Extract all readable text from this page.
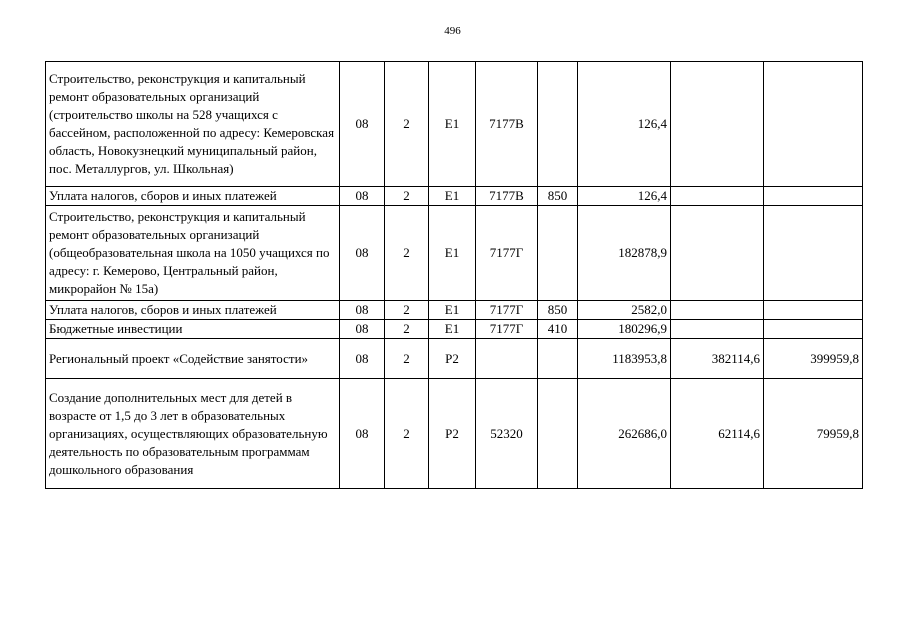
496
Строительство, реконструкция и капитальный ремонт образовательных организаций (строительство школы на 528 учащихся с бассейном, расположенной по адресу: Кемеровская область, Новокузнецкий муниципальный район, пос. Металлургов, ул. Школьная)	08	2	E1	7177B		126,4		
Уплата налогов, сборов и иных платежей	08	2	E1	7177B	850	126,4		
Строительство, реконструкция и капитальный ремонт образовательных организаций (общеобразовательная школа на 1050 учащихся по адресу: г. Кемерово, Центральный район, микрорайон № 15а)	08	2	E1	7177Г		182878,9		
Уплата налогов, сборов и иных платежей	08	2	E1	7177Г	850	2582,0		
Бюджетные инвестиции	08	2	E1	7177Г	410	180296,9		
Региональный проект «Содействие занятости»	08	2	P2			1183953,8	382114,6	399959,8
Создание дополнительных мест для детей в возрасте от 1,5 до 3 лет в образовательных организациях, осуществляющих образовательную деятельность по образовательным программам дошкольного образования	08	2	P2	52320		262686,0	62114,6	79959,8
